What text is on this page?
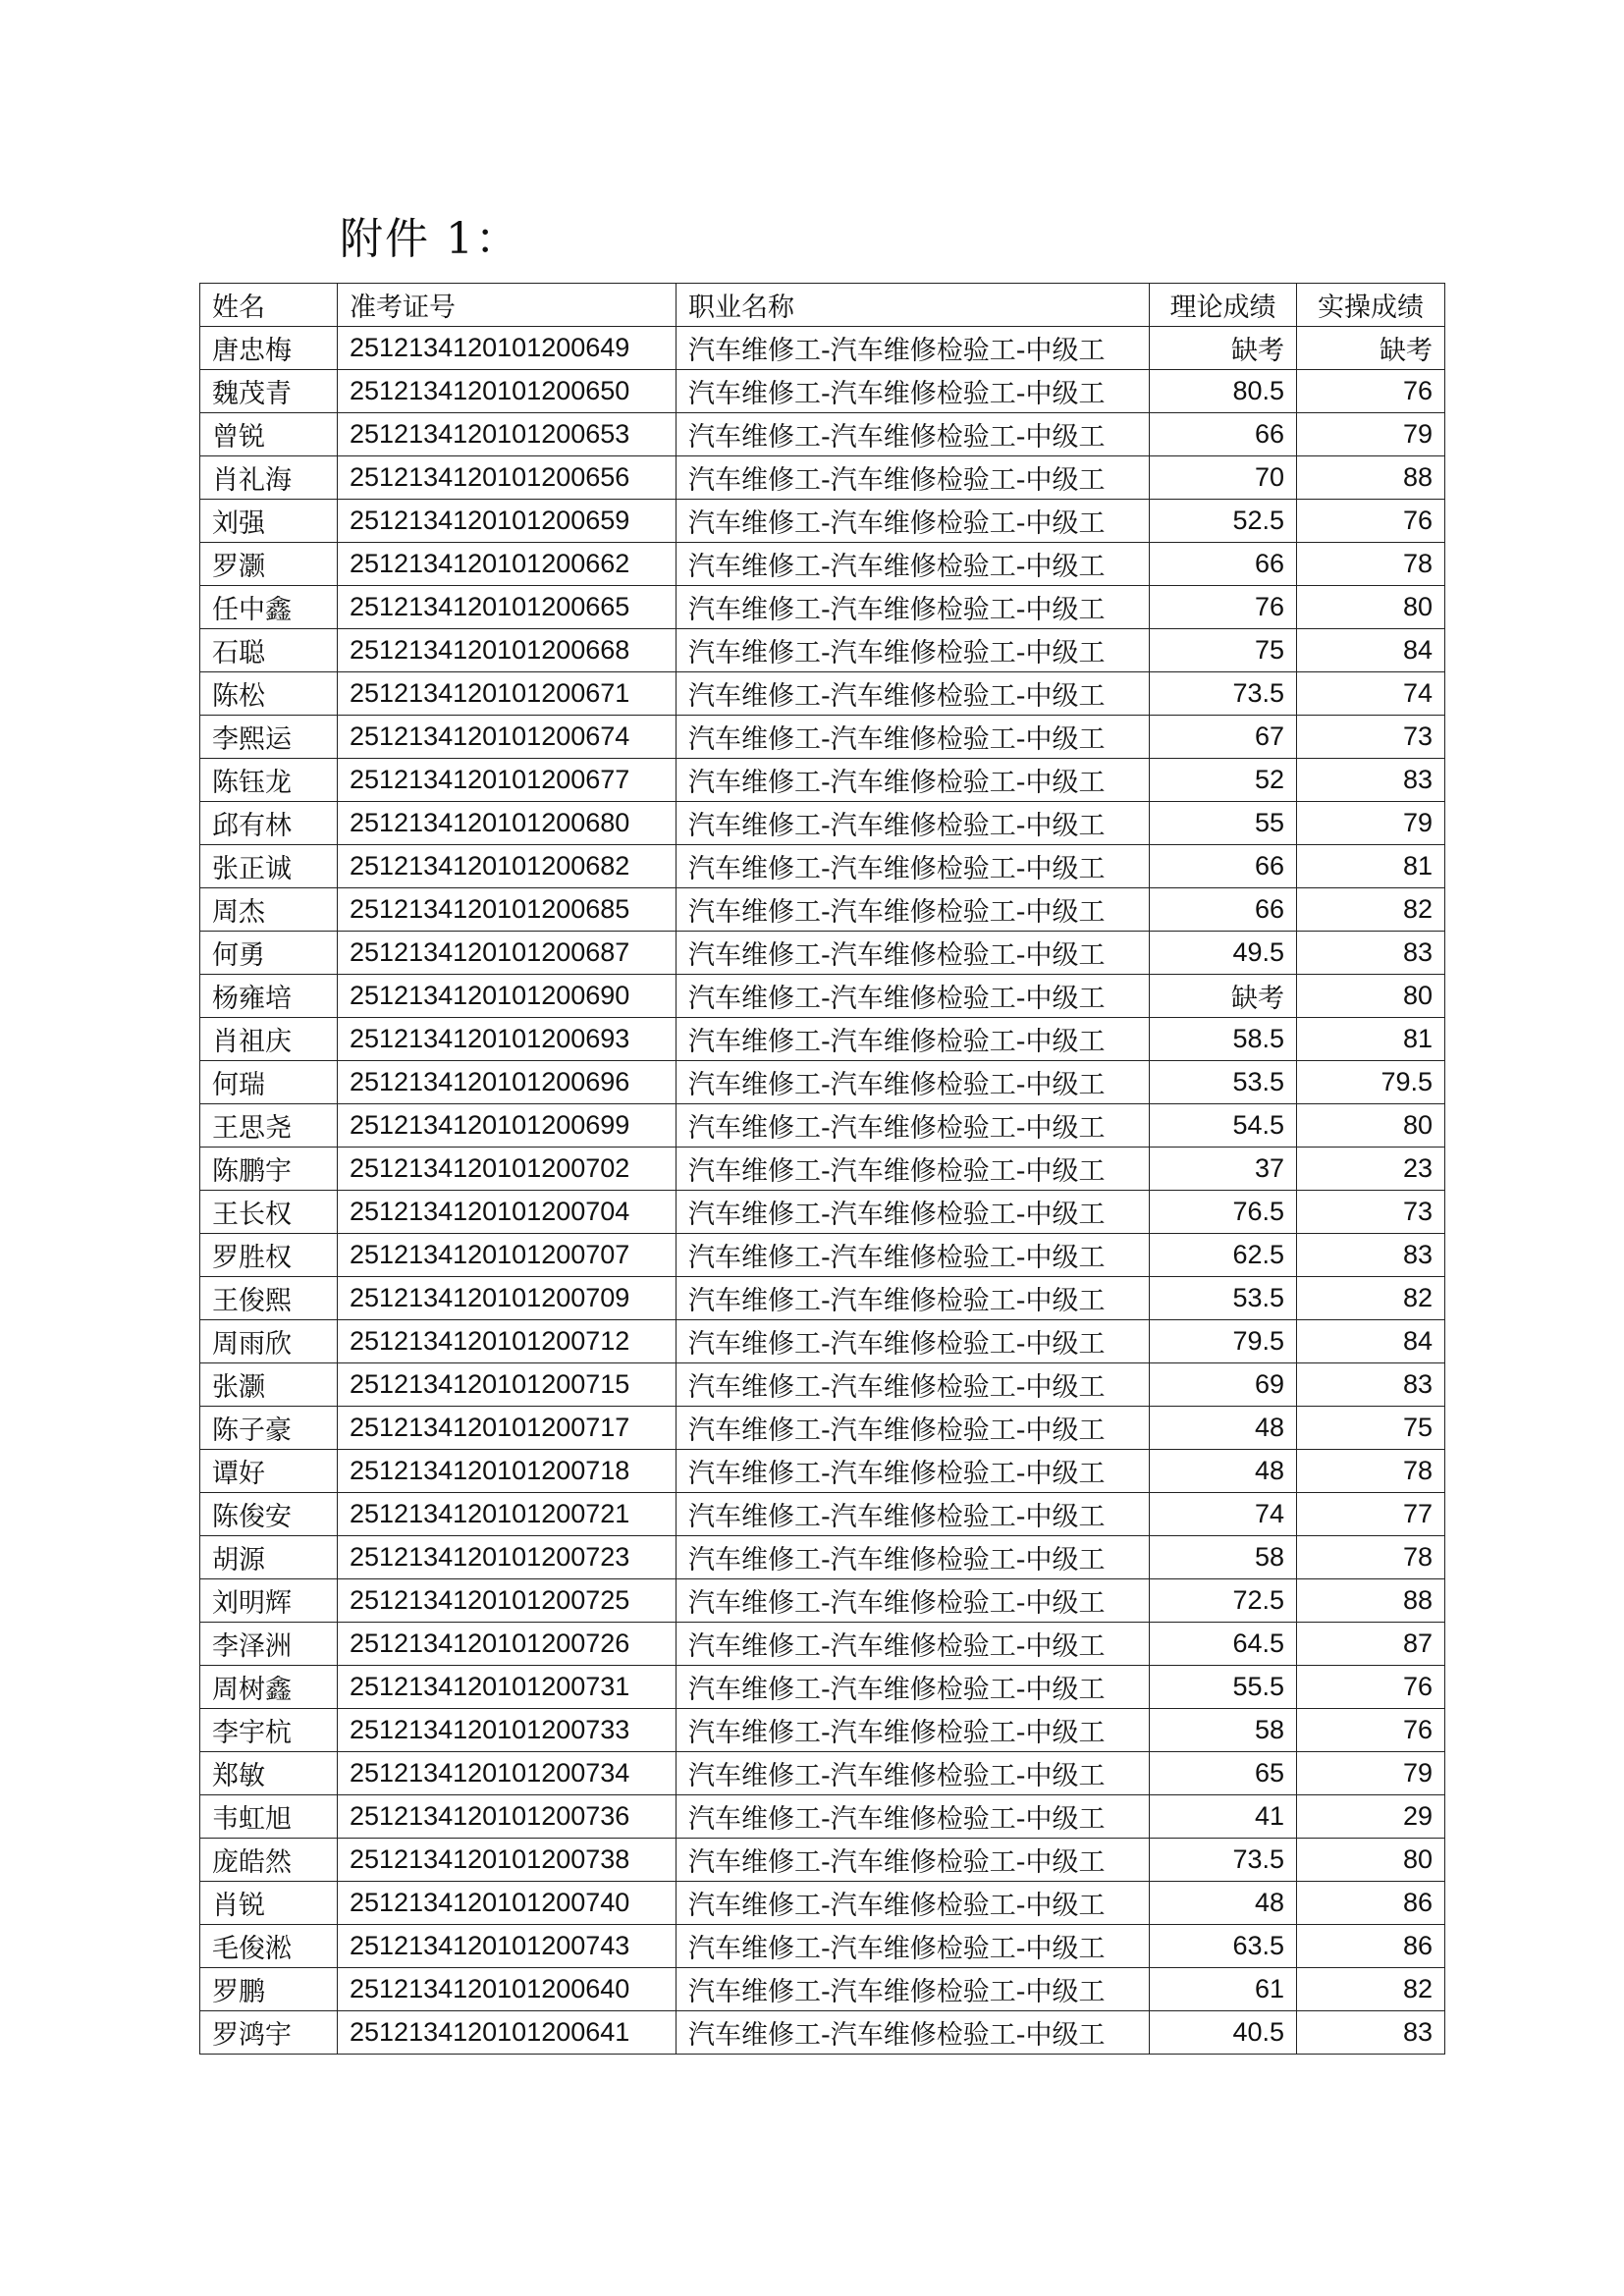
附件 1：
姓名	准考证号	职业名称	理论成绩	实操成绩
唐忠梅	2512134120101200649	汽车维修工-汽车维修检验工-中级工	缺考	缺考
魏茂青	2512134120101200650	汽车维修工-汽车维修检验工-中级工	80.5	76
曾锐	2512134120101200653	汽车维修工-汽车维修检验工-中级工	66	79
肖礼海	2512134120101200656	汽车维修工-汽车维修检验工-中级工	70	88
刘强	2512134120101200659	汽车维修工-汽车维修检验工-中级工	52.5	76
罗灏	2512134120101200662	汽车维修工-汽车维修检验工-中级工	66	78
任中鑫	2512134120101200665	汽车维修工-汽车维修检验工-中级工	76	80
石聪	2512134120101200668	汽车维修工-汽车维修检验工-中级工	75	84
陈松	2512134120101200671	汽车维修工-汽车维修检验工-中级工	73.5	74
李熙运	2512134120101200674	汽车维修工-汽车维修检验工-中级工	67	73
陈钰龙	2512134120101200677	汽车维修工-汽车维修检验工-中级工	52	83
邱有林	2512134120101200680	汽车维修工-汽车维修检验工-中级工	55	79
张正诚	2512134120101200682	汽车维修工-汽车维修检验工-中级工	66	81
周杰	2512134120101200685	汽车维修工-汽车维修检验工-中级工	66	82
何勇	2512134120101200687	汽车维修工-汽车维修检验工-中级工	49.5	83
杨雍培	2512134120101200690	汽车维修工-汽车维修检验工-中级工	缺考	80
肖祖庆	2512134120101200693	汽车维修工-汽车维修检验工-中级工	58.5	81
何瑞	2512134120101200696	汽车维修工-汽车维修检验工-中级工	53.5	79.5
王思尧	2512134120101200699	汽车维修工-汽车维修检验工-中级工	54.5	80
陈鹏宇	2512134120101200702	汽车维修工-汽车维修检验工-中级工	37	23
王长权	2512134120101200704	汽车维修工-汽车维修检验工-中级工	76.5	73
罗胜权	2512134120101200707	汽车维修工-汽车维修检验工-中级工	62.5	83
王俊熙	2512134120101200709	汽车维修工-汽车维修检验工-中级工	53.5	82
周雨欣	2512134120101200712	汽车维修工-汽车维修检验工-中级工	79.5	84
张灏	2512134120101200715	汽车维修工-汽车维修检验工-中级工	69	83
陈子豪	2512134120101200717	汽车维修工-汽车维修检验工-中级工	48	75
谭好	2512134120101200718	汽车维修工-汽车维修检验工-中级工	48	78
陈俊安	2512134120101200721	汽车维修工-汽车维修检验工-中级工	74	77
胡源	2512134120101200723	汽车维修工-汽车维修检验工-中级工	58	78
刘明辉	2512134120101200725	汽车维修工-汽车维修检验工-中级工	72.5	88
李泽洲	2512134120101200726	汽车维修工-汽车维修检验工-中级工	64.5	87
周树鑫	2512134120101200731	汽车维修工-汽车维修检验工-中级工	55.5	76
李宇杭	2512134120101200733	汽车维修工-汽车维修检验工-中级工	58	76
郑敏	2512134120101200734	汽车维修工-汽车维修检验工-中级工	65	79
韦虹旭	2512134120101200736	汽车维修工-汽车维修检验工-中级工	41	29
庞皓然	2512134120101200738	汽车维修工-汽车维修检验工-中级工	73.5	80
肖锐	2512134120101200740	汽车维修工-汽车维修检验工-中级工	48	86
毛俊淞	2512134120101200743	汽车维修工-汽车维修检验工-中级工	63.5	86
罗鹏	2512134120101200640	汽车维修工-汽车维修检验工-中级工	61	82
罗鸿宇	2512134120101200641	汽车维修工-汽车维修检验工-中级工	40.5	83
